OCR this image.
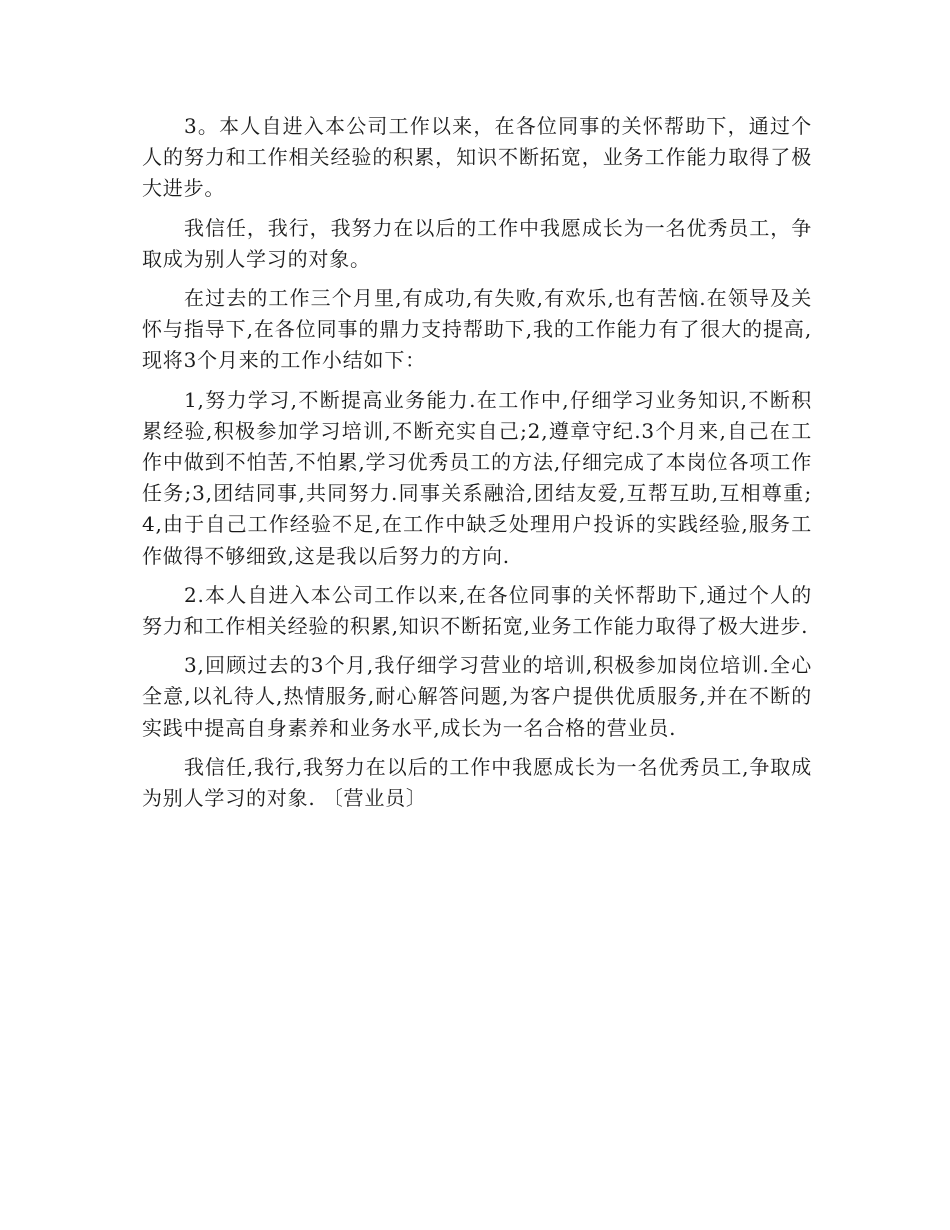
3。本人自进入本公司工作以来，在各位同事的关怀帮助下，通过个人的努力和工作相关经验的积累，知识不断拓宽，业务工作能力取得了极大进步。

我信任，我行，我努力在以后的工作中我愿成长为一名优秀员工，争取成为别人学习的对象。

在过去的工作三个月里,有成功,有失败,有欢乐,也有苦恼.在领导及关怀与指导下,在各位同事的鼎力支持帮助下,我的工作能力有了很大的提高,现将3个月来的工作小结如下：

1,努力学习,不断提高业务能力.在工作中,仔细学习业务知识,不断积累经验,积极参加学习培训,不断充实自己;2,遵章守纪.3个月来,自己在工作中做到不怕苦,不怕累,学习优秀员工的方法,仔细完成了本岗位各项工作任务;3,团结同事,共同努力.同事关系融洽,团结友爱,互帮互助,互相尊重;4,由于自己工作经验不足,在工作中缺乏处理用户投诉的实践经验,服务工作做得不够细致,这是我以后努力的方向.

2.本人自进入本公司工作以来,在各位同事的关怀帮助下,通过个人的努力和工作相关经验的积累,知识不断拓宽,业务工作能力取得了极大进步.

3,回顾过去的3个月,我仔细学习营业的培训,积极参加岗位培训.全心全意,以礼待人,热情服务,耐心解答问题,为客户提供优质服务,并在不断的实践中提高自身素养和业务水平,成长为一名合格的营业员.

我信任,我行,我努力在以后的工作中我愿成长为一名优秀员工,争取成为别人学习的对象. 〔营业员〕
